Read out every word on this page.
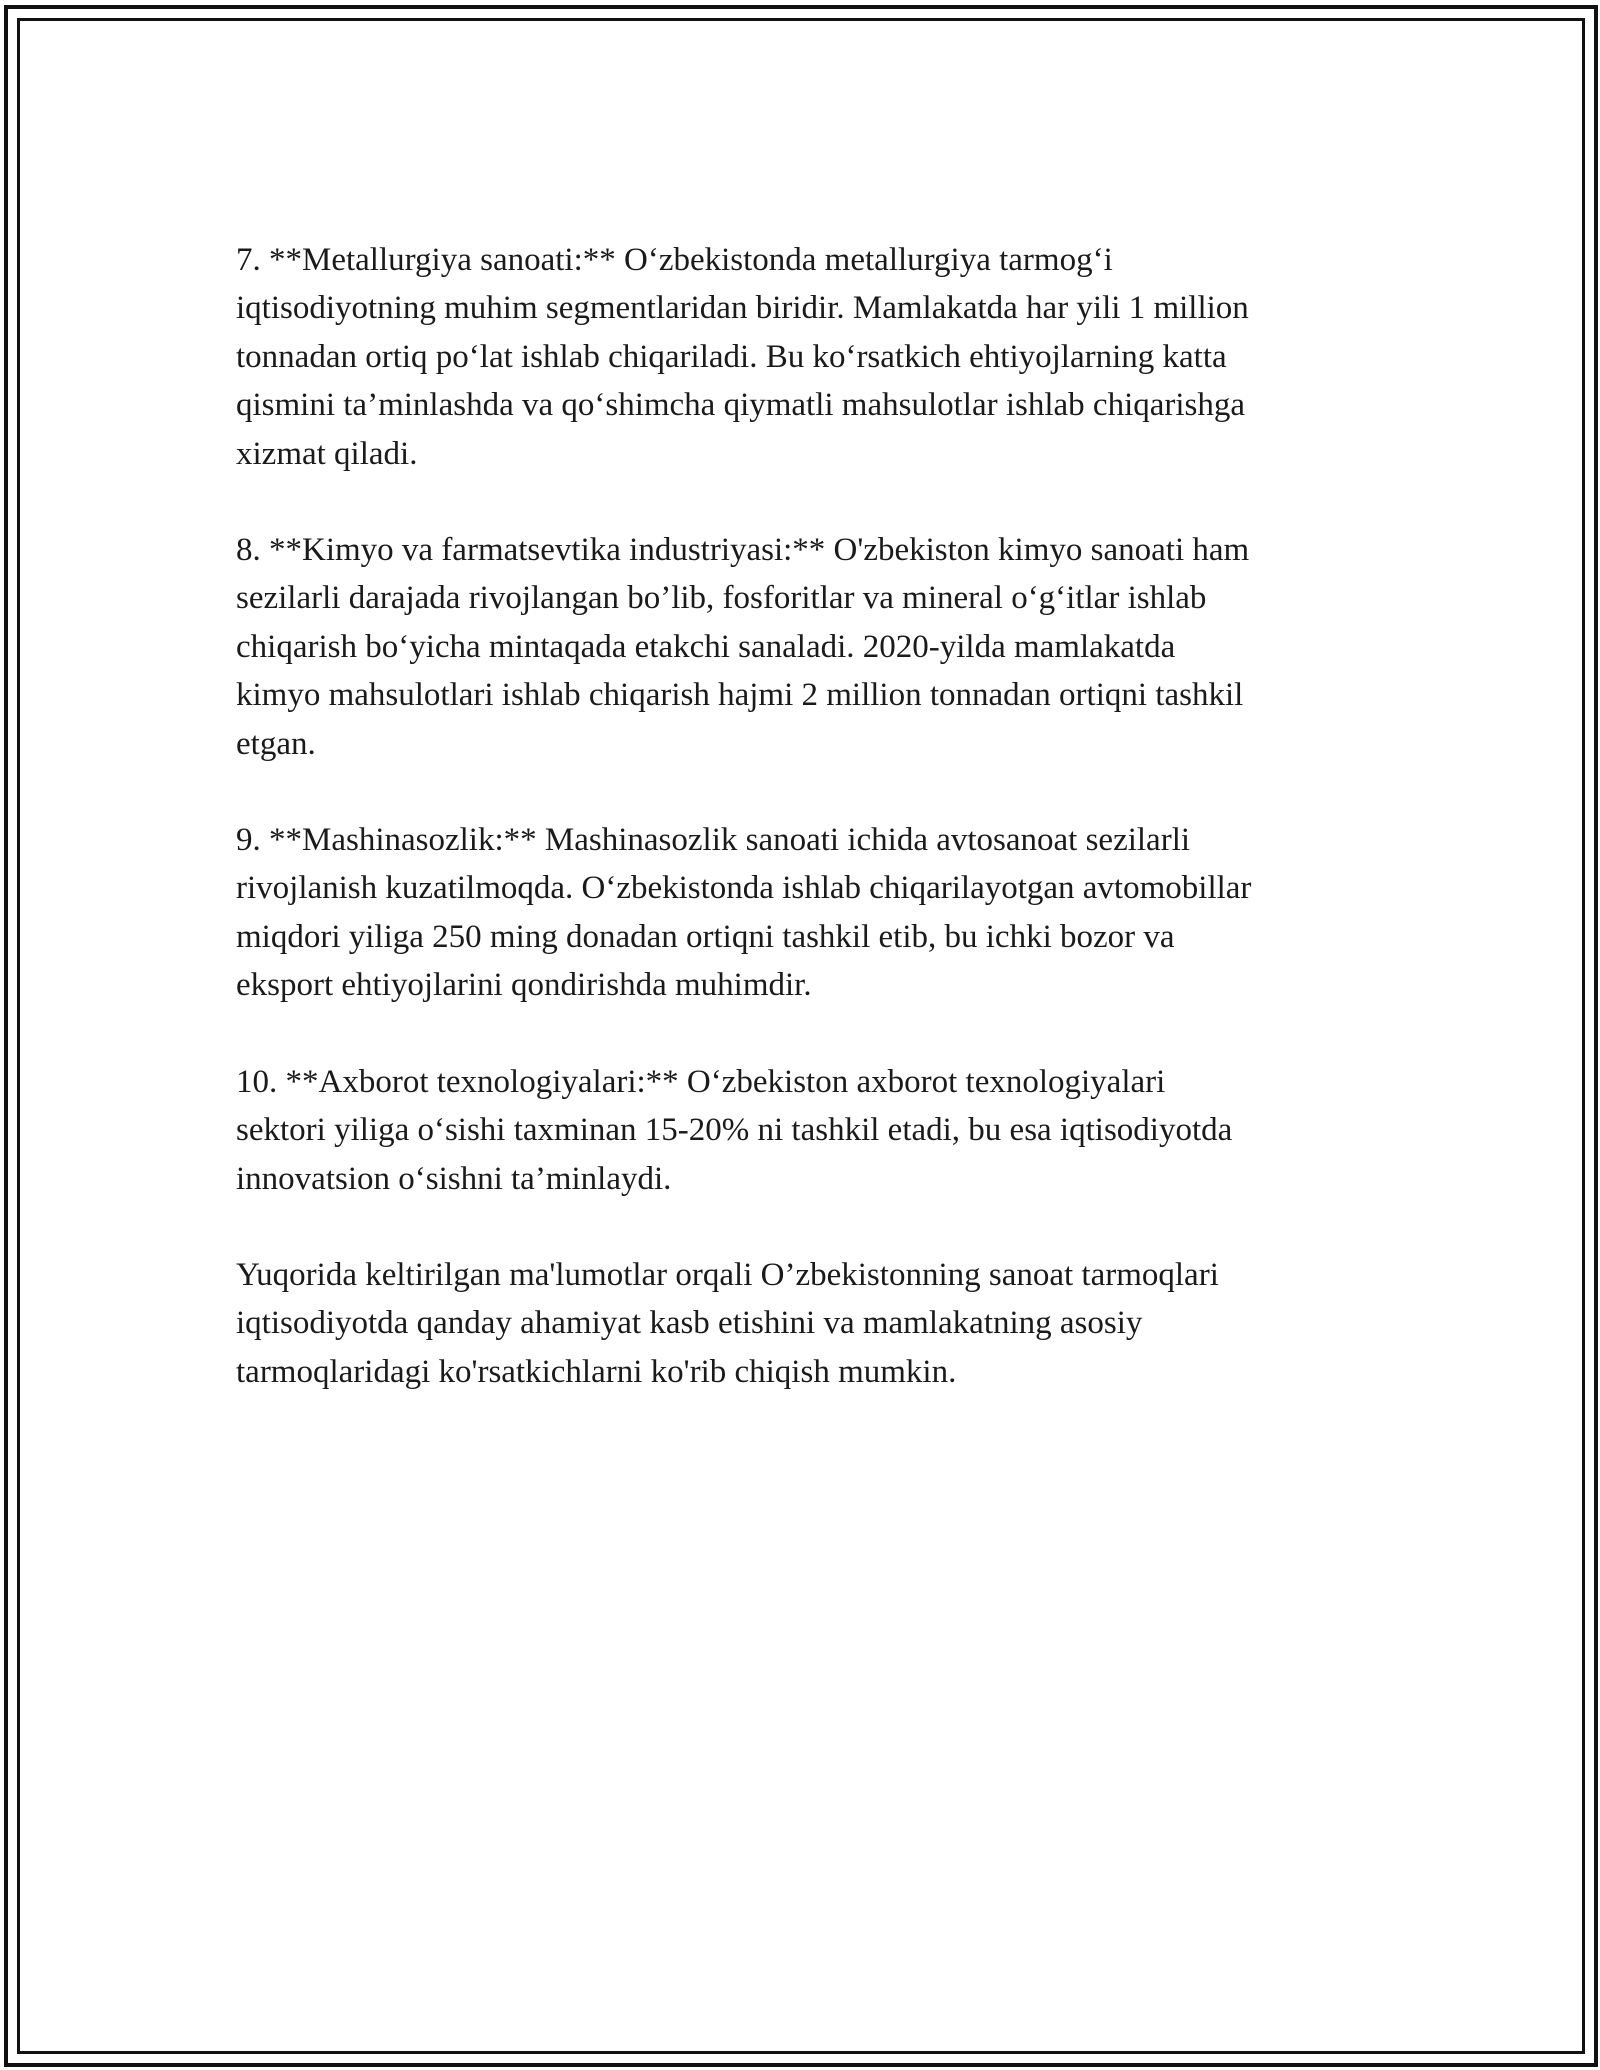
7. **Metallurgiya sanoati:** O‘zbekistonda metallurgiya tarmog‘i
iqtisodiyotning muhim segmentlaridan biridir. Mamlakatda har yili 1 million
tonnadan ortiq po‘lat ishlab chiqariladi. Bu ko‘rsatkich ehtiyojlarning katta
qismini ta’minlashda va qo‘shimcha qiymatli mahsulotlar ishlab chiqarishga
xizmat qiladi.

8. **Kimyo va farmatsevtika industriyasi:** O'zbekiston kimyo sanoati ham
sezilarli darajada rivojlangan bo’lib, fosforitlar va mineral o‘g‘itlar ishlab
chiqarish bo‘yicha mintaqada etakchi sanaladi. 2020-yilda mamlakatda
kimyo mahsulotlari ishlab chiqarish hajmi 2 million tonnadan ortiqni tashkil
etgan.

9. **Mashinasozlik:** Mashinasozlik sanoati ichida avtosanoat sezilarli
rivojlanish kuzatilmoqda. O‘zbekistonda ishlab chiqarilayotgan avtomobillar
miqdori yiliga 250 ming donadan ortiqni tashkil etib, bu ichki bozor va
eksport ehtiyojlarini qondirishda muhimdir.

10. **Axborot texnologiyalari:** O‘zbekiston axborot texnologiyalari
sektori yiliga o‘sishi taxminan 15-20% ni tashkil etadi, bu esa iqtisodiyotda
innovatsion o‘sishni ta’minlaydi.

Yuqorida keltirilgan ma'lumotlar orqali O’zbekistonning sanoat tarmoqlari
iqtisodiyotda qanday ahamiyat kasb etishini va mamlakatning asosiy
tarmoqlaridagi ko'rsatkichlarni ko'rib chiqish mumkin.
